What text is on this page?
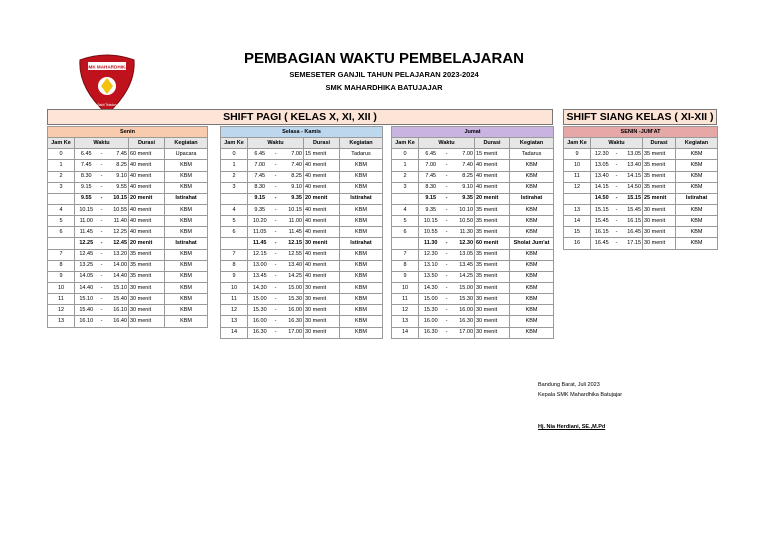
SMK MAHARDHIKA
Bakti Teladan
PEMBAGIAN WAKTU PEMBELAJARAN
SEMESETER GANJIL TAHUN PELAJARAN 2023-2024
SMK MAHARDHIKA BATUJAJAR
SHIFT PAGI ( KELAS X, XI, XII )	SHIFT SIANG KELAS ( XI-XII )
Senin					
Jam Ke	Waktu			Durasi	Kegiatan
0	6.45	-	7.45	60 menit	Upacara
1	7.45	-	8.25	40 menit	KBM
2	8.30	-	9.10	40 menit	KBM
3	9.15	-	9.55	40 menit	KBM
	9.55	-	10.15	20 menit	Istirahat
4	10.15	-	10.55	40 menit	KBM
5	11.00	-	11.40	40 menit	KBM
6	11.45	-	12.25	40 menit	KBM
	12.25	-	12.45	20 menit	Istirahat
7	12.45	-	13.20	35 menit	KBM
8	13.25	-	14.00	35 menit	KBM
9	14.05	-	14.40	35 menit	KBM
10	14.40	-	15.10	30 menit	KBM
11	15.10	-	15.40	30 menit	KBM
12	15.40	-	16.10	30 menit	KBM
13	16.10	-	16.40	30 menit	KBM
Selasa - Kamis					
Jam Ke	Waktu			Durasi	Kegiatan
0	6.45	-	7.00	15 menit	Tadarus
1	7.00	-	7.40	40 menit	KBM
2	7.45	-	8.25	40 menit	KBM
3	8.30	-	9.10	40 menit	KBM
	9.15	-	9.35	20 menit	Istirahat
4	9.35	-	10.15	40 menit	KBM
5	10.20	-	11.00	40 menit	KBM
6	11.05	-	11.45	40 menit	KBM
	11.45	-	12.15	30 menit	Istirahat
7	12.15	-	12.55	40 menit	KBM
8	13.00	-	13.40	40 menit	KBM
9	13.45	-	14.25	40 menit	KBM
10	14.30	-	15.00	30 menit	KBM
11	15.00	-	15.30	30 menit	KBM
12	15.30	-	16.00	30 menit	KBM
13	16.00	-	16.30	30 menit	KBM
14	16.30	-	17.00	30 menit	KBM
Jumat					
Jam Ke	Waktu			Durasi	Kegiatan
0	6.45	-	7.00	15 menit	Tadarus
1	7.00	-	7.40	40 menit	KBM
2	7.45	-	8.25	40 menit	KBM
3	8.30	-	9.10	40 menit	KBM
	9.15	-	9.35	20 menit	Istirahat
4	9.35	-	10.10	35 menit	KBM
5	10.15	-	10.50	35 menit	KBM
6	10.55	-	11.30	35 menit	KBM
	11.30	-	12.30	60 menit	Sholat Jum'at
7	12.30	-	13.05	35 menit	KBM
8	13.10	-	13.45	35 menit	KBM
9	13.50	-	14.25	35 menit	KBM
10	14.30	-	15.00	30 menit	KBM
11	15.00	-	15.30	30 menit	KBM
12	15.30	-	16.00	30 menit	KBM
13	16.00	-	16.30	30 menit	KBM
14	16.30	-	17.00	30 menit	KBM
SENIN -JUM'AT					
Jam Ke	Waktu			Durasi	Kegiatan
9	12.30	-	13.05	35 menit	KBM
10	13.05	-	13.40	35 menit	KBM
11	13.40	-	14.15	35 menit	KBM
12	14.15	-	14.50	35 menit	KBM
	14.50	-	15.15	25 menit	Istirahat
13	15.15	-	15.45	30 menit	KBM
14	15.45	-	16.15	30 menit	KBM
15	16.15	-	16.45	30 menit	KBM
16	16.45	-	17.15	30 menit	KBM
Bandung Barat, Juli 2023
Kepala SMK Mahardhika Batujajar
Hj. Nia Herdiani, SE.,M.Pd
